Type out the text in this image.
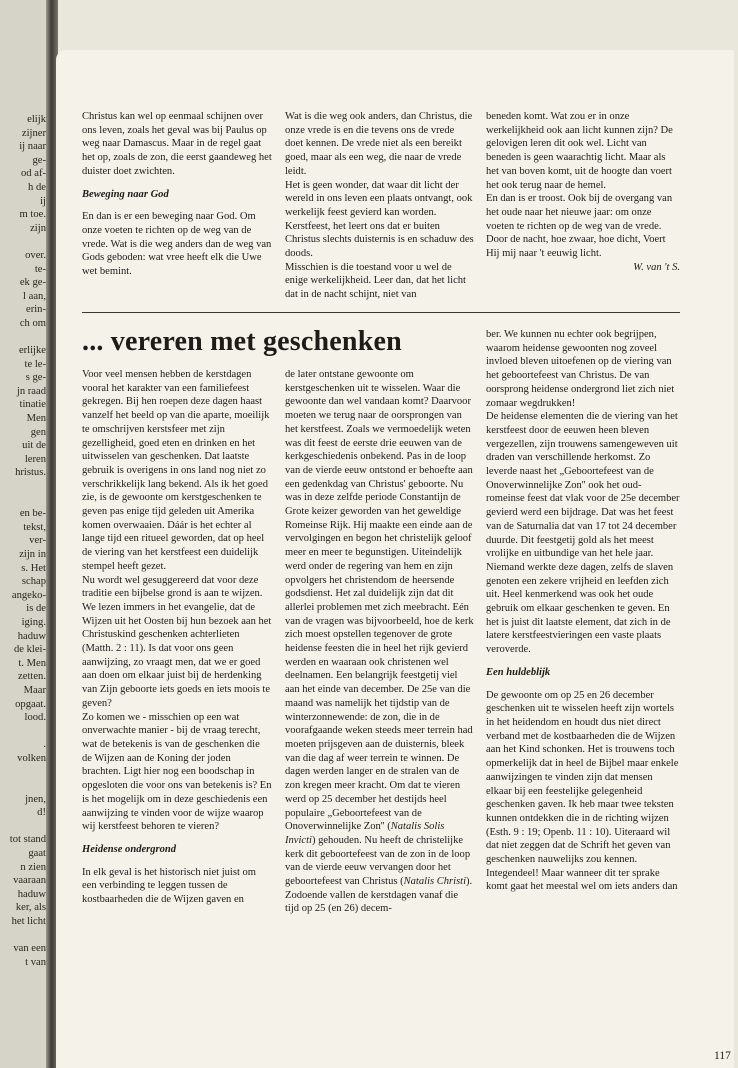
elijk
zijner
ij naar
ge-
od af-
h de
ij
m toe.
zijn
over.
te-
ek ge-
l aan,
erin-
ch om
erlijke
te le-
s ge-
jn raad
tinatie
Men
gen
uit de
leren
hristus.
en be-
tekst,
ver-
zijn in
s. Het
schap
angeko-
is de
iging.
haduw
de klei-
t. Men
zetten.
Maar
opgaat.
lood.
.
volken
jnen,
d!
tot stand
gaat
n zien
vaaraan
haduw
ker, als
het licht
van een
t van

Christus kan wel op eenmaal schijnen over ons leven, zoals het geval was bij Paulus op weg naar Damascus. Maar in de regel gaat het op, zoals de zon, die eerst gaandeweg het duister doet zwichten.

Beweging naar God

En dan is er een beweging naar God. Om onze voeten te richten op de weg van de vrede. Wat is die weg anders dan de weg van Gods geboden: wat vree heeft elk die Uwe wet bemint.

Wat is die weg ook anders, dan Christus, die onze vrede is en die tevens ons de vrede doet kennen. De vrede niet als een bereikt goed, maar als een weg, die naar de vrede leidt.

Het is geen wonder, dat waar dit licht der wereld in ons leven een plaats ontvangt, ook werkelijk feest gevierd kan worden. Kerstfeest, het leert ons dat er buiten Christus slechts duisternis is en schaduw des doods.

Misschien is die toestand voor u wel de enige werkelijkheid. Leer dan, dat het licht dat in de nacht schijnt, niet van

beneden komt. Wat zou er in onze werkelijkheid ook aan licht kunnen zijn? De gelovigen leren dit ook wel. Licht van beneden is geen waarachtig licht. Maar als het van boven komt, uit de hoogte dan voert het ook terug naar de hemel.

En dan is er troost. Ook bij de overgang van het oude naar het nieuwe jaar: om onze voeten te richten op de weg van de vrede.

Door de nacht, hoe zwaar, hoe dicht, Voert Hij mij naar 't eeuwig licht.

W. van 't S.
... vereren met geschenken

Voor veel mensen hebben de kerstdagen vooral het karakter van een familiefeest gekregen. Bij hen roepen deze dagen haast vanzelf het beeld op van die aparte, moeilijk te omschrijven kerstsfeer met zijn gezelligheid, goed eten en drinken en het uitwisselen van geschenken. Dat laatste gebruik is overigens in ons land nog niet zo verschrikkelijk lang bekend. Als ik het goed zie, is de gewoonte om kerstgeschenken te geven pas enige tijd geleden uit Amerika komen overwaaien. Dáár is het echter al lange tijd een ritueel geworden, dat op heel de viering van het kerstfeest een duidelijk stempel heeft gezet.

Nu wordt wel gesuggereerd dat voor deze traditie een bijbelse grond is aan te wijzen. We lezen immers in het evangelie, dat de Wijzen uit het Oosten bij hun bezoek aan het Christuskind geschenken achterlieten (Matth. 2 : 11). Is dat voor ons geen aanwijzing, zo vraagt men, dat we er goed aan doen om elkaar juist bij de herdenking van Zijn geboorte iets goeds en iets moois te geven?

Zo komen we - misschien op een wat onverwachte manier - bij de vraag terecht, wat de betekenis is van de geschenken die de Wijzen aan de Koning der joden brachten. Ligt hier nog een boodschap in opgesloten die voor ons van betekenis is? En is het mogelijk om in deze geschiedenis een aanwijzing te vinden voor de wijze waarop wij kerstfeest behoren te vieren?

Heidense ondergrond

In elk geval is het historisch niet juist om een verbinding te leggen tussen de kostbaarheden die de Wijzen gaven en

de later ontstane gewoonte om kerstgeschenken uit te wisselen. Waar die gewoonte dan wel vandaan komt? Daarvoor moeten we terug naar de oorsprongen van het kerstfeest. Zoals we vermoedelijk weten was dit feest de eerste drie eeuwen van de kerkgeschiedenis onbekend. Pas in de loop van de vierde eeuw ontstond er behoefte aan een gedenkdag van Christus' geboorte. Nu was in deze zelfde periode Constantijn de Grote keizer geworden van het geweldige Romeinse Rijk. Hij maakte een einde aan de vervolgingen en begon het christelijk geloof meer en meer te begunstigen. Uiteindelijk werd onder de regering van hem en zijn opvolgers het christendom de heersende godsdienst. Het zal duidelijk zijn dat dit allerlei problemen met zich meebracht. Eén van de vragen was bijvoorbeeld, hoe de kerk zich moest opstellen tegenover de grote heidense feesten die in heel het rijk gevierd werden en waaraan ook christenen wel deelnamen. Een belangrijk feestgetij viel aan het einde van december. De 25e van die maand was namelijk het tijdstip van de winterzonnewende: de zon, die in de voorafgaande weken steeds meer terrein had moeten prijsgeven aan de duisternis, bleek van die dag af weer terrein te winnen. De dagen werden langer en de stralen van de zon kregen meer kracht. Om dat te vieren werd op 25 december het destijds heel populaire „Geboortefeest van de Onoverwinnelijke Zon'' (Natalis Solis Invicti) gehouden. Nu heeft de christelijke kerk dit geboortefeest van de zon in de loop van de vierde eeuw vervangen door het geboortefeest van Christus (Natalis Christi). Zodoende vallen de kerstdagen vanaf die tijd op 25 (en 26) decem-

ber. We kunnen nu echter ook begrijpen, waarom heidense gewoonten nog zoveel invloed bleven uitoefenen op de viering van het geboortefeest van Christus. De van oorsprong heidense ondergrond liet zich niet zomaar wegdrukken!

De heidense elementen die de viering van het kerstfeest door de eeuwen heen bleven vergezellen, zijn trouwens samengeweven uit draden van verschillende herkomst. Zo leverde naast het „Geboortefeest van de Onoverwinnelijke Zon'' ook het oud-romeinse feest dat vlak voor de 25e december gevierd werd een bijdrage. Dat was het feest van de Saturnalia dat van 17 tot 24 december duurde. Dit feestgetij gold als het meest vrolijke en uitbundige van het hele jaar. Niemand werkte deze dagen, zelfs de slaven genoten een zekere vrijheid en leefden zich uit. Heel kenmerkend was ook het oude gebruik om elkaar geschenken te geven. En het is juist dit laatste element, dat zich in de latere kerstfeestvieringen een vaste plaats veroverde.

Een huldeblijk

De gewoonte om op 25 en 26 december geschenken uit te wisselen heeft zijn wortels in het heidendom en houdt dus niet direct verband met de kostbaarheden die de Wijzen aan het Kind schonken. Het is trouwens toch opmerkelijk dat in heel de Bijbel maar enkele aanwijzingen te vinden zijn dat mensen elkaar bij een feestelijke gelegenheid geschenken gaven. Ik heb maar twee teksten kunnen ontdekken die in de richting wijzen (Esth. 9 : 19; Openb. 11 : 10). Uiteraard wil dat niet zeggen dat de Schrift het geven van geschenken nauwelijks zou kennen. Integendeel! Maar wanneer dit ter sprake komt gaat het meestal wel om iets anders dan

117
